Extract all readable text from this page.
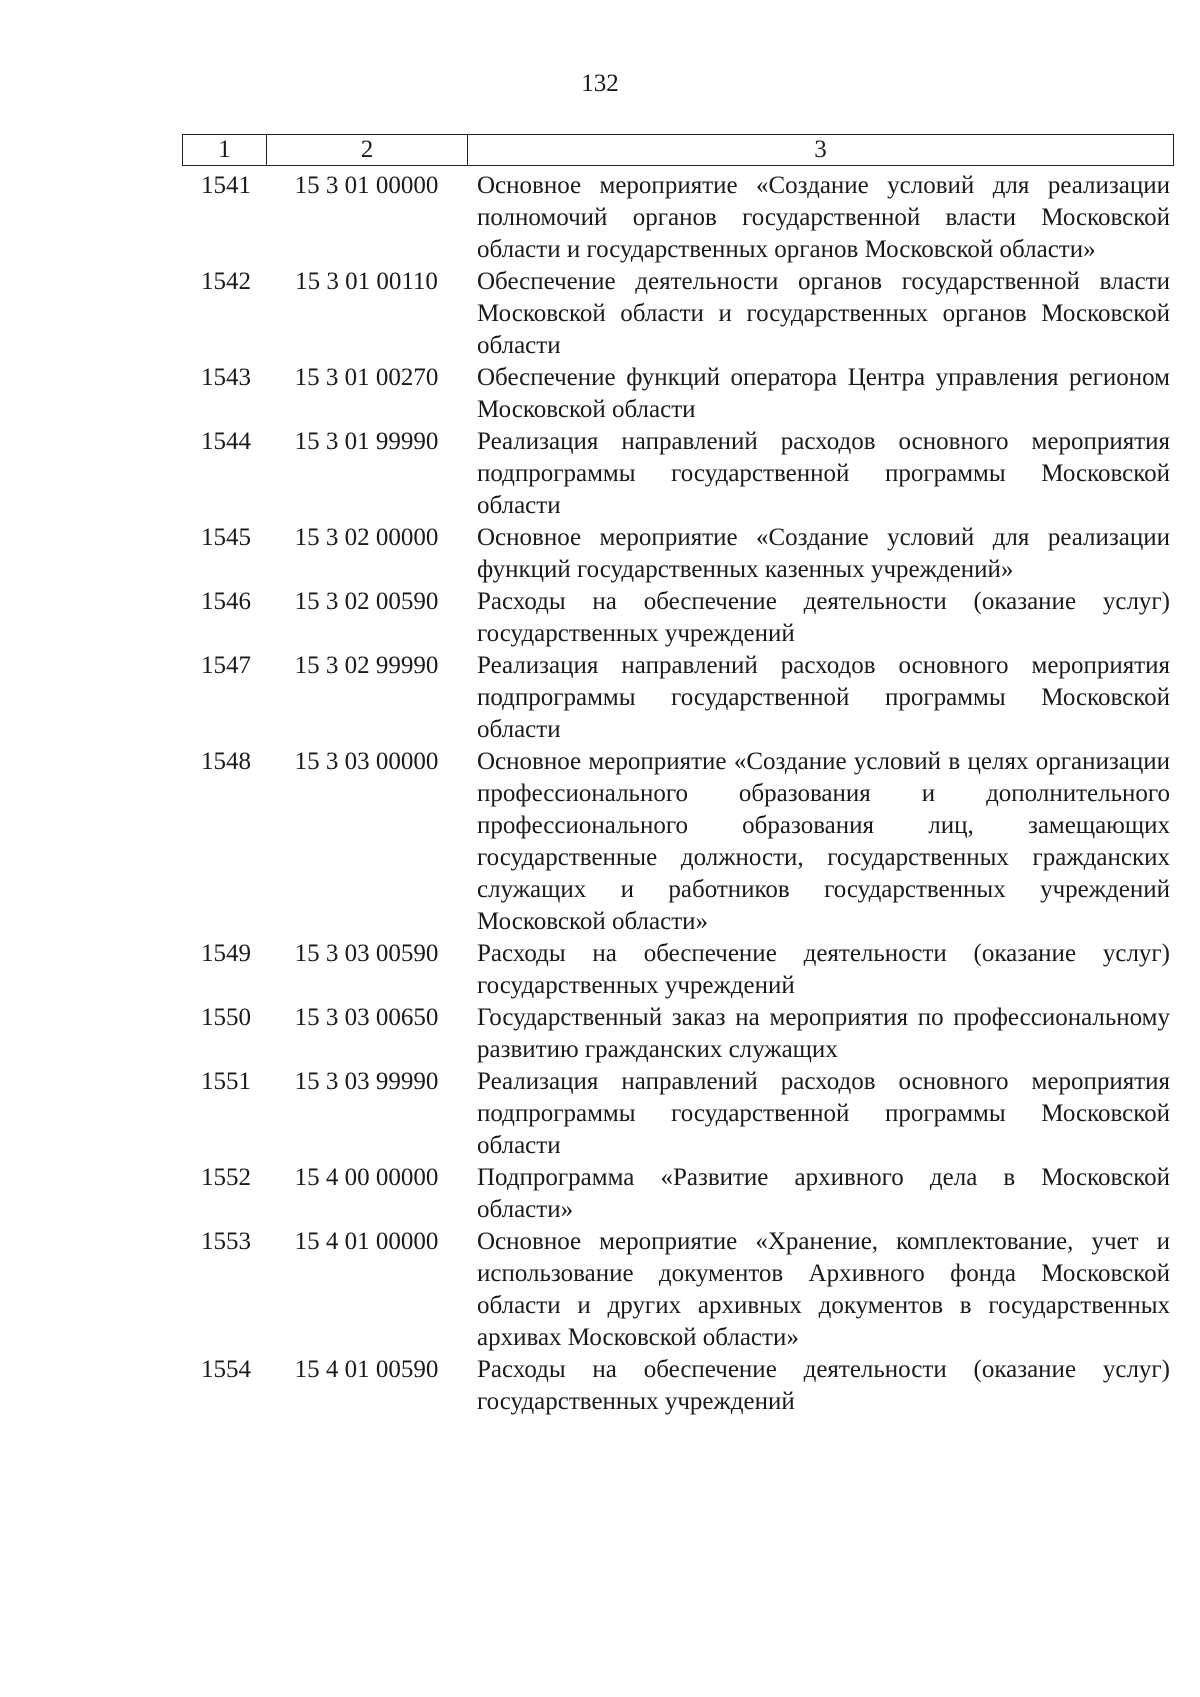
132
1	2	3
1541	15 3 01 00000	Основное мероприятие «Создание условий для реализации полномочий органов государственной власти Московской области и государственных органов Московской области»
1542	15 3 01 00110	Обеспечение деятельности органов государственной власти Московской области и государственных органов Московской области
1543	15 3 01 00270	Обеспечение функций оператора Центра управления регионом Московской области
1544	15 3 01 99990	Реализация направлений расходов основного мероприятия подпрограммы государственной программы Московской области
1545	15 3 02 00000	Основное мероприятие «Создание условий для реализации функций государственных казенных учреждений»
1546	15 3 02 00590	Расходы на обеспечение деятельности (оказание услуг) государственных учреждений
1547	15 3 02 99990	Реализация направлений расходов основного мероприятия подпрограммы государственной программы Московской области
1548	15 3 03 00000	Основное мероприятие «Создание условий в целях организации профессионального образования и дополнительного профессионального образования лиц, замещающих государственные должности, государственных гражданских служащих и работников государственных учреждений Московской области»
1549	15 3 03 00590	Расходы на обеспечение деятельности (оказание услуг) государственных учреждений
1550	15 3 03 00650	Государственный заказ на мероприятия по профессиональному развитию гражданских служащих
1551	15 3 03 99990	Реализация направлений расходов основного мероприятия подпрограммы государственной программы Московской области
1552	15 4 00 00000	Подпрограмма «Развитие архивного дела в Московской области»
1553	15 4 01 00000	Основное мероприятие «Хранение, комплектование, учет и использование документов Архивного фонда Московской области и других архивных документов в государственных архивах Московской области»
1554	15 4 01 00590	Расходы на обеспечение деятельности (оказание услуг) государственных учреждений
